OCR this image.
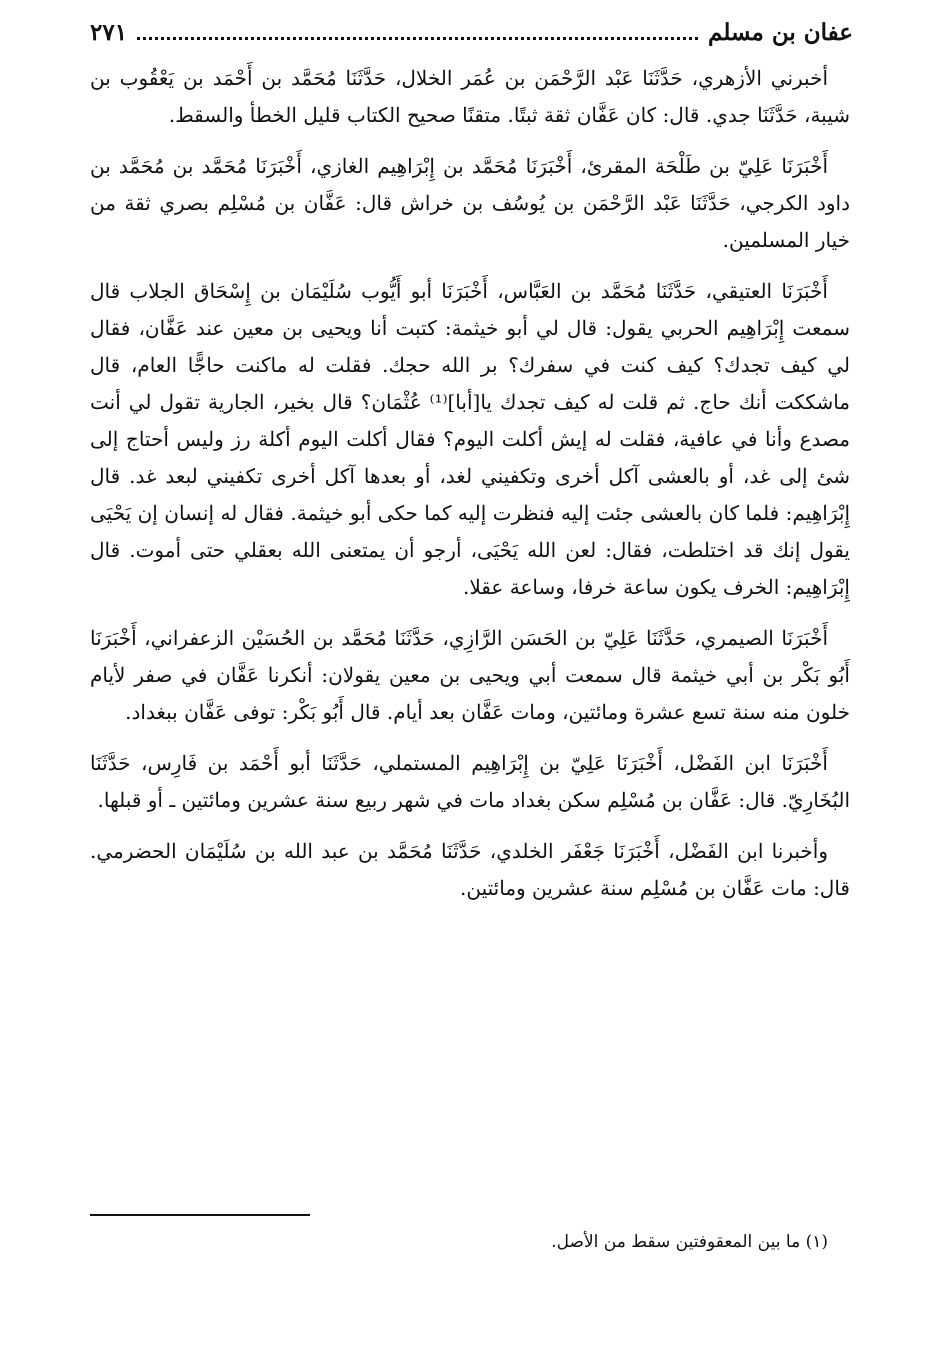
عفان بن مسلم
٢٧١

أخبرني الأزهري، حَدَّثَنَا عَبْد الرَّحْمَن بن عُمَر الخلال، حَدَّثَنَا مُحَمَّد بن أَحْمَد بن يَعْقُوب بن شيبة، حَدَّثَنَا جدي. قال: كان عَفَّان ثقة ثبتًا. متقنًا صحيح الكتاب قليل الخطأ والسقط.

أَخْبَرَنَا عَلِيّ بن طَلْحَة المقرئ، أَخْبَرَنَا مُحَمَّد بن إِبْرَاهِيم الغازي، أَخْبَرَنَا مُحَمَّد بن مُحَمَّد بن داود الكرجي، حَدَّثَنَا عَبْد الرَّحْمَن بن يُوسُف بن خراش قال: عَفَّان بن مُسْلِم بصري ثقة من خيار المسلمين.

أَخْبَرَنَا العتيقي، حَدَّثَنَا مُحَمَّد بن العَبَّاس، أَخْبَرَنَا أبو أَيُّوب سُلَيْمَان بن إِسْحَاق الجلاب قال سمعت إِبْرَاهِيم الحربي يقول: قال لي أبو خيثمة: كتبت أنا ويحيى بن معين عند عَفَّان، فقال لي كيف تجدك؟ كيف كنت في سفرك؟ بر الله حجك. فقلت له ماكنت حاجًّا العام، قال ماشككت أنك حاج. ثم قلت له كيف تجدك يا[أبا]⁽¹⁾ عُثْمَان؟ قال بخير، الجارية تقول لي أنت مصدع وأنا في عافية، فقلت له إيش أكلت اليوم؟ فقال أكلت اليوم أكلة رز وليس أحتاج إلى شئ إلى غد، أو بالعشى آكل أخرى وتكفيني لغد، أو بعدها آكل أخرى تكفيني لبعد غد. قال إِبْرَاهِيم: فلما كان بالعشى جئت إليه فنظرت إليه كما حكى أبو خيثمة. فقال له إنسان إن يَحْيَى يقول إنك قد اختلطت، فقال: لعن الله يَحْيَى، أرجو أن يمتعنى الله بعقلي حتى أموت. قال إِبْرَاهِيم: الخرف يكون ساعة خرفا، وساعة عقلا.

أَخْبَرَنَا الصيمري، حَدَّثَنَا عَلِيّ بن الحَسَن الرَّازِي، حَدَّثَنَا مُحَمَّد بن الحُسَيْن الزعفراني، أَخْبَرَنَا أَبُو بَكْر بن أبي خيثمة قال سمعت أبي ويحيى بن معين يقولان: أنكرنا عَفَّان في صفر لأيام خلون منه سنة تسع عشرة ومائتين، ومات عَفَّان بعد أيام. قال أَبُو بَكْر: توفى عَفَّان ببغداد.

أَخْبَرَنَا ابن الفَضْل، أَخْبَرَنَا عَلِيّ بن إِبْرَاهِيم المستملي، حَدَّثَنَا أبو أَحْمَد بن فَارِس، حَدَّثَنَا البُخَارِيّ. قال: عَفَّان بن مُسْلِم سكن بغداد مات في شهر ربيع سنة عشرين ومائتين ـ أو قبلها.

وأخبرنا ابن الفَضْل، أَخْبَرَنَا جَعْفَر الخلدي، حَدَّثَنَا مُحَمَّد بن عبد الله بن سُلَيْمَان الحضرمي. قال: مات عَفَّان بن مُسْلِم سنة عشرين ومائتين.

(١) ما بين المعقوفتين سقط من الأصل.
